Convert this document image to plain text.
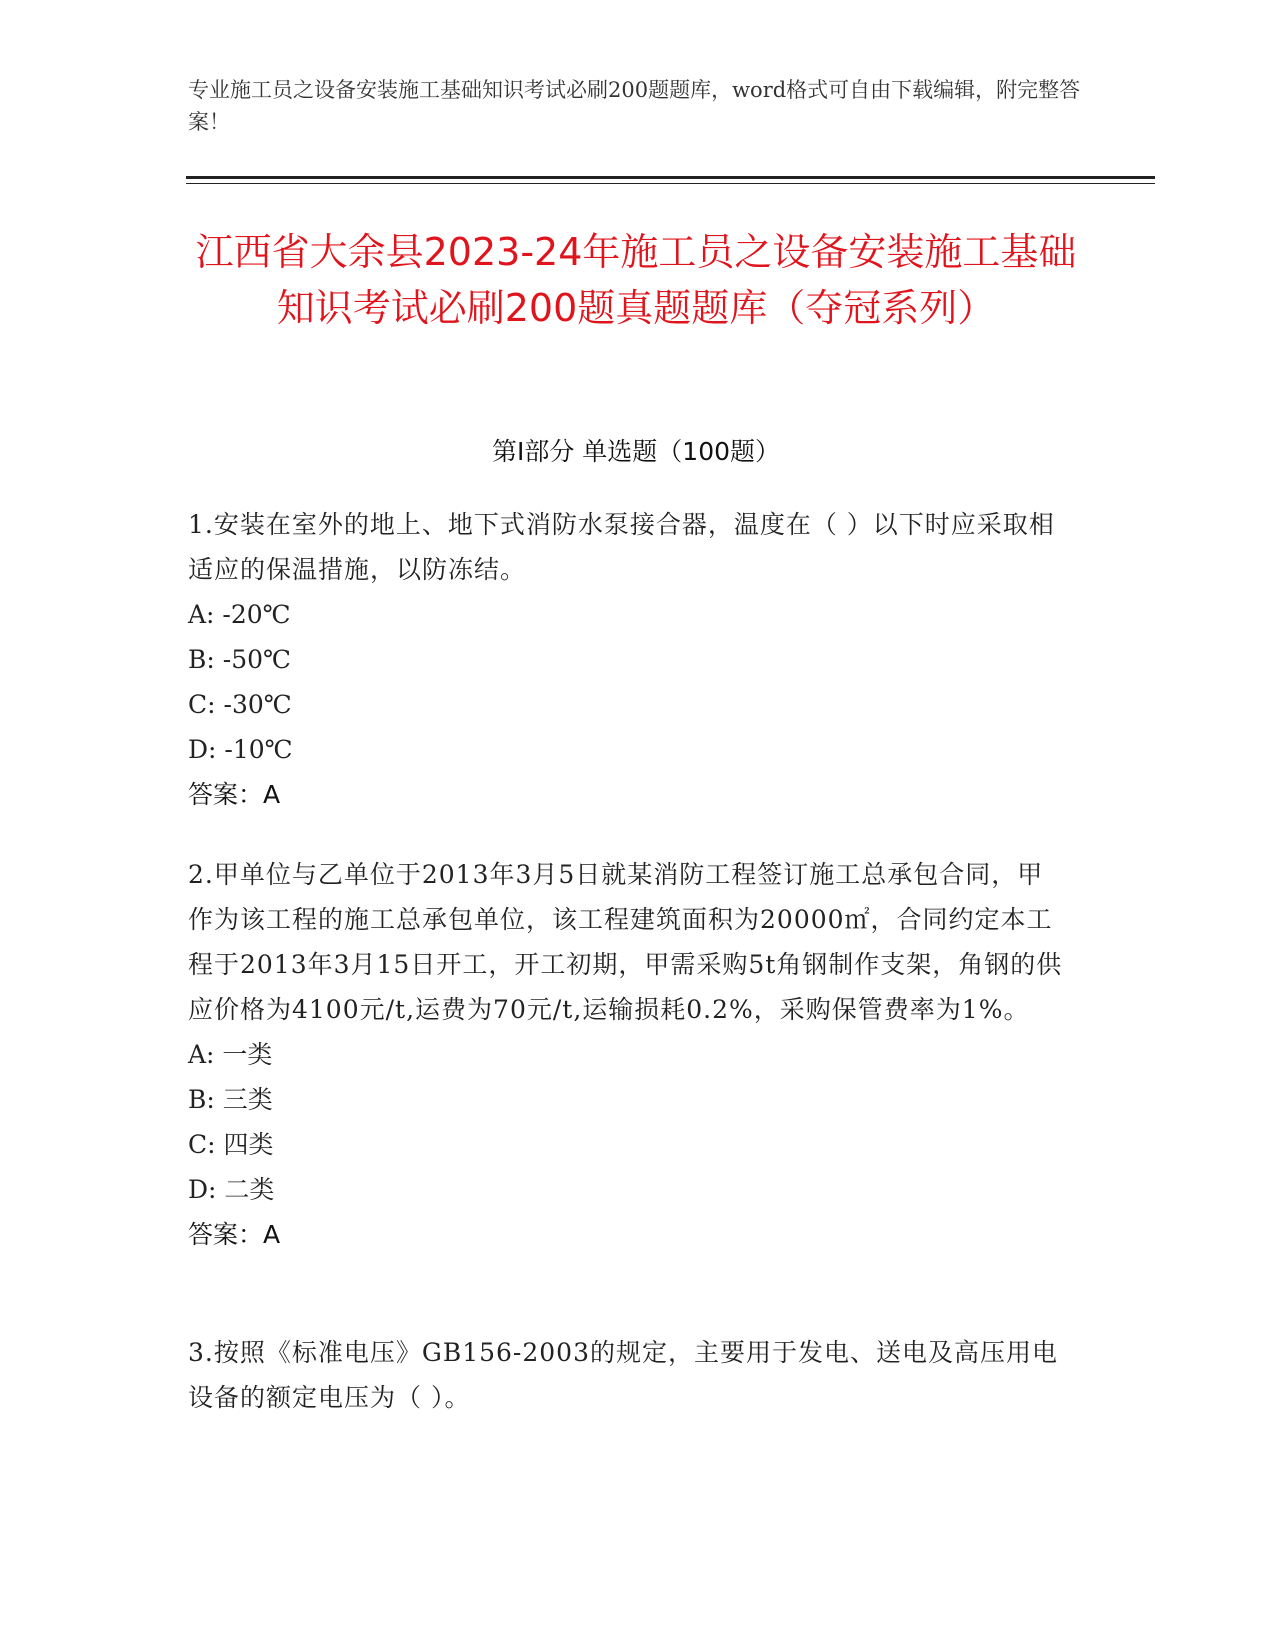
专业施工员之设备安装施工基础知识考试必刷200题题库，word格式可自由下载编辑，附完整答案！
江西省大余县2023-24年施工员之设备安装施工基础知识考试必刷200题真题题库（夺冠系列）
第I部分 单选题（100题）

1.安装在室外的地上、地下式消防水泵接合器，温度在（ ）以下时应采取相适应的保温措施，以防冻结。

A: -20℃

B: -50℃

C: -30℃

D: -10℃

答案：A

2.甲单位与乙单位于2013年3月5日就某消防工程签订施工总承包合同，甲作为该工程的施工总承包单位，该工程建筑面积为20000㎡，合同约定本工程于2013年3月15日开工，开工初期，甲需采购5t角钢制作支架，角钢的供应价格为4100元/t,运费为70元/t,运输损耗0.2%，采购保管费率为1%。

A: 一类

B: 三类

C: 四类

D: 二类

答案：A

3.按照《标准电压》GB156-2003的规定，主要用于发电、送电及高压用电设备的额定电压为（ ）。
